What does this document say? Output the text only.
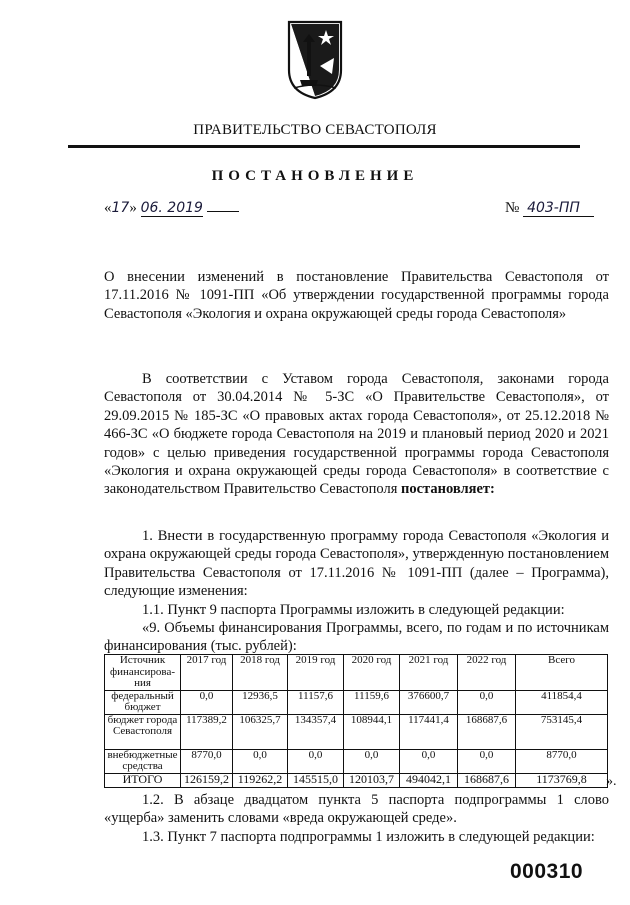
ПРАВИТЕЛЬСТВО СЕВАСТОПОЛЯ
ПОСТАНОВЛЕНИЕ
«17» 06. 2019	№ 403-ПП
О внесении изменений в постановление Правительства Севастополя от 17.11.2016 № 1091-ПП «Об утверждении государственной программы города Севастополя «Экология и охрана окружающей среды города Севастополя»
В соответствии с Уставом города Севастополя, законами города Севастополя от 30.04.2014 № 5-ЗС «О Правительстве Севастополя», от 29.09.2015 № 185-ЗС «О правовых актах города Севастополя», от 25.12.2018 № 466-ЗС «О бюджете города Севастополя на 2019 и плановый период 2020 и 2021 годов» с целью приведения государственной программы города Севастополя «Экология и охрана окружающей среды города Севастополя» в соответствие с законодательством Правительство Севастополя постановляет:
1. Внести в государственную программу города Севастополя «Экология и охрана окружающей среды города Севастополя», утвержденную постановлением Правительства Севастополя от 17.11.2016 № 1091-ПП (далее – Программа), следующие изменения:
1.1. Пункт 9 паспорта Программы изложить в следующей редакции:
«9. Объемы финансирования Программы, всего, по годам и по источникам финансирования (тыс. рублей):
Источник финансирова-ния	2017 год	2018 год	2019 год	2020 год	2021 год	2022 год	Всего
федеральный бюджет	0,0	12936,5	11157,6	11159,6	376600,7	0,0	411854,4
бюджет города Севастополя	117389,2	106325,7	134357,4	108944,1	117441,4	168687,6	753145,4
внебюджетные средства	8770,0	0,0	0,0	0,0	0,0	0,0	8770,0
ИТОГО	126159,2	119262,2	145515,0	120103,7	494042,1	168687,6	1173769,8 ».
1.2. В абзаце двадцатом пункта 5 паспорта подпрограммы 1 слово «ущерба» заменить словами «вреда окружающей среде».
1.3. Пункт 7 паспорта подпрограммы 1 изложить в следующей редакции:
000310
